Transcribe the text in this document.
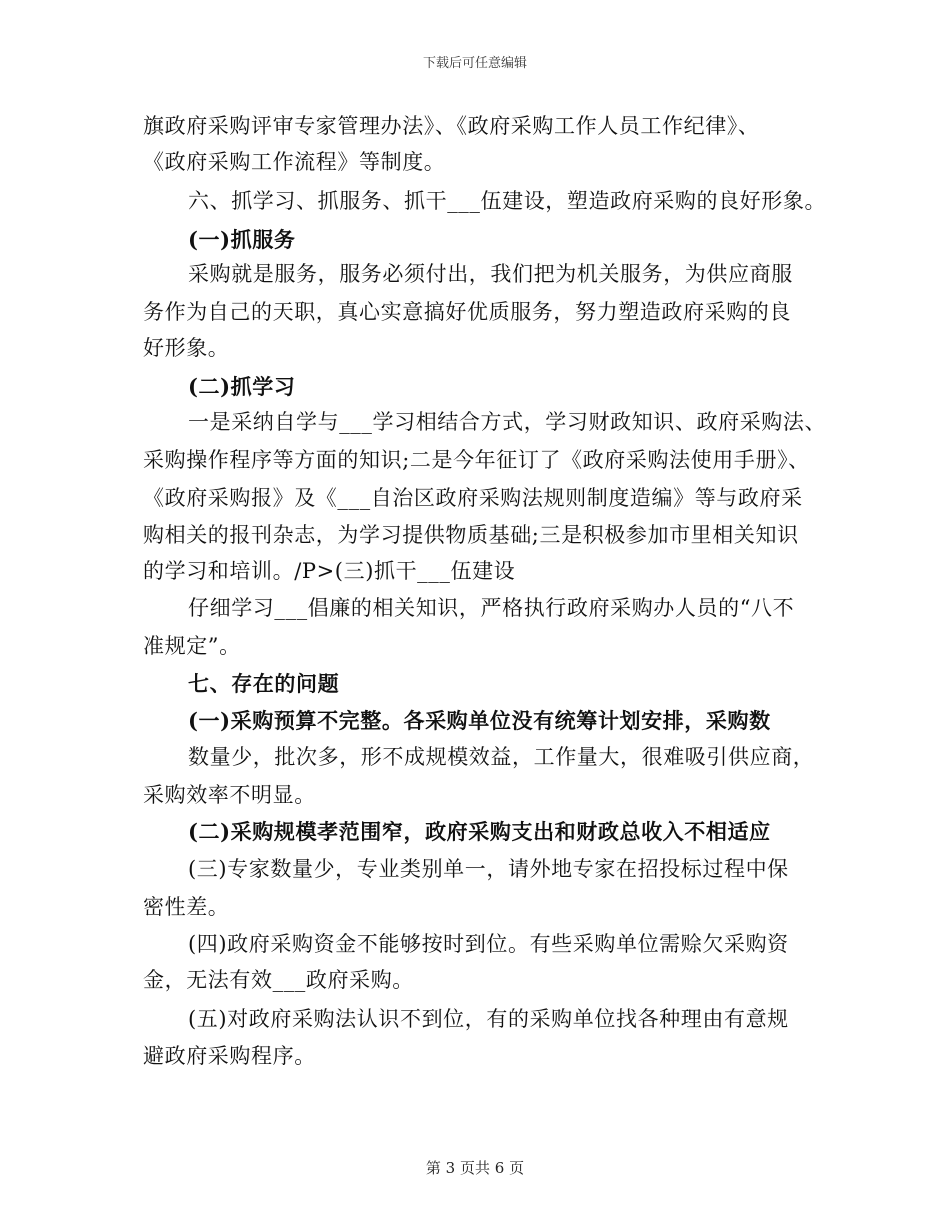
下载后可任意编辑
旗政府采购评审专家管理办法》、《政府采购工作人员工作纪律》、
《政府采购工作流程》等制度。
六、抓学习、抓服务、抓干___伍建设，塑造政府采购的良好形象。
(一)抓服务
采购就是服务，服务必须付出，我们把为机关服务，为供应商服
务作为自己的天职，真心实意搞好优质服务，努力塑造政府采购的良
好形象。
(二)抓学习
一是采纳自学与___学习相结合方式，学习财政知识、政府采购法、
采购操作程序等方面的知识;二是今年征订了《政府采购法使用手册》、
《政府采购报》及《___自治区政府采购法规则制度造编》等与政府采
购相关的报刊杂志，为学习提供物质基础;三是积极参加市里相关知识
的学习和培训。/P>(三)抓干___伍建设
仔细学习___倡廉的相关知识，严格执行政府采购办人员的“八不
准规定”。
七、存在的问题
(一)采购预算不完整。各采购单位没有统筹计划安排，采购数
数量少，批次多，形不成规模效益，工作量大，很难吸引供应商，
采购效率不明显。
(二)采购规模孝范围窄，政府采购支出和财政总收入不相适应
(三)专家数量少，专业类别单一，请外地专家在招投标过程中保
密性差。
(四)政府采购资金不能够按时到位。有些采购单位需赊欠采购资
金，无法有效___政府采购。
(五)对政府采购法认识不到位，有的采购单位找各种理由有意规
避政府采购程序。
第 3 页共 6 页
